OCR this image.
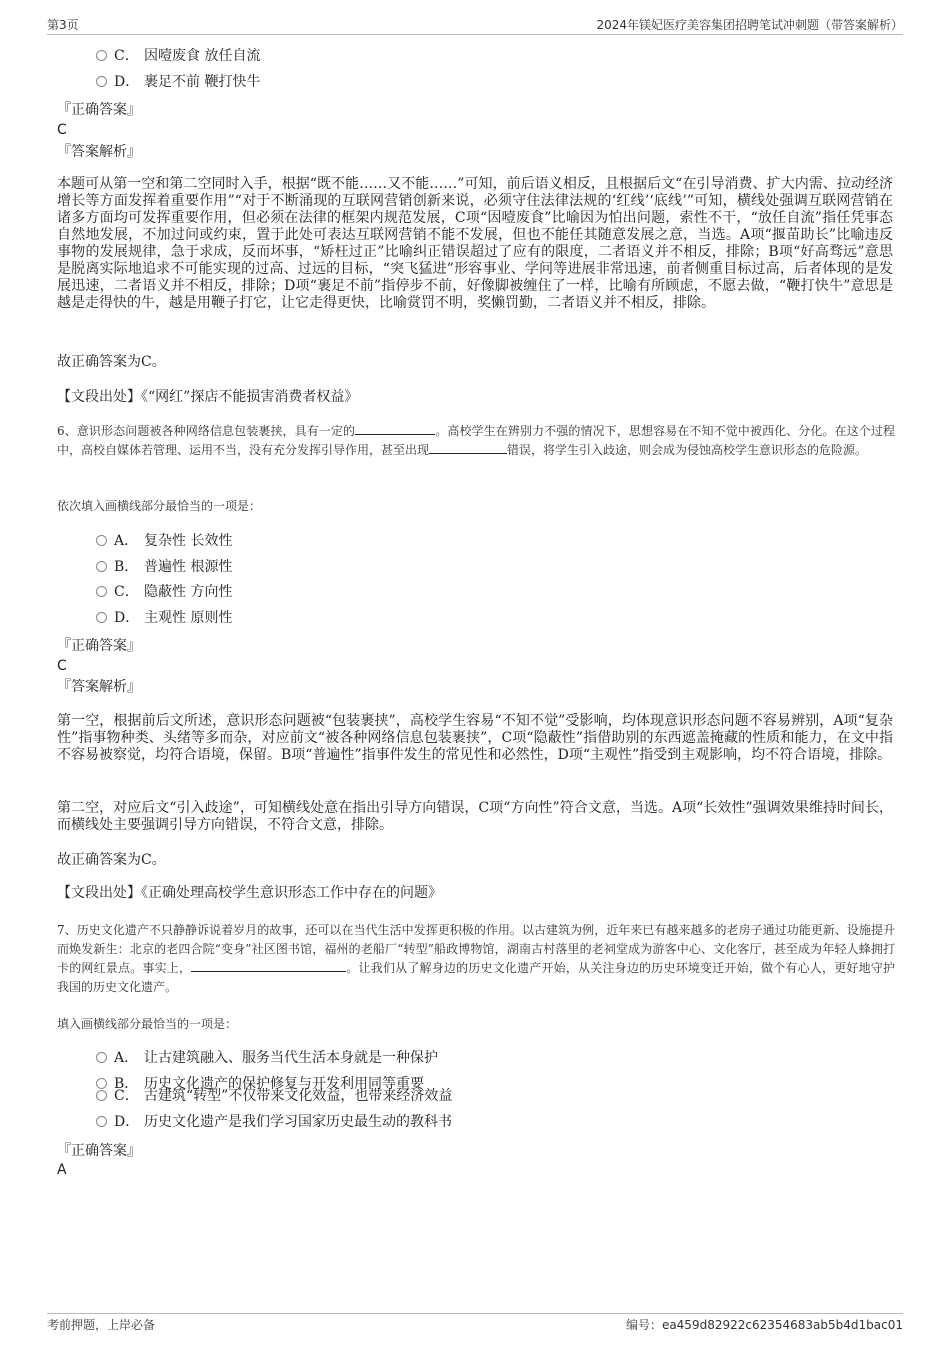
第3页	2024年镁妃医疗美容集团招聘笔试冲刺题（带答案解析）
C． 因噎废食 放任自流
D． 裹足不前 鞭打快牛
『正确答案』
C
『答案解析』

本题可从第一空和第二空同时入手，根据“既不能……又不能……”可知，前后语义相反，且根据后文“在引导消费、扩大内需、拉动经济增长等方面发挥着重要作用”“对于不断涌现的互联网营销创新来说，必须守住法律法规的‘红线’‘底线’”可知，横线处强调互联网营销在诸多方面均可发挥重要作用，但必须在法律的框架内规范发展，C项“因噎废食”比喻因为怕出问题，索性不干，“放任自流”指任凭事态自然地发展，不加过问或约束，置于此处可表达互联网营销不能不发展，但也不能任其随意发展之意，当选。A项“揠苗助长”比喻违反事物的发展规律，急于求成，反而坏事，“矫枉过正”比喻纠正错误超过了应有的限度，二者语义并不相反，排除；B项“好高骛远”意思是脱离实际地追求不可能实现的过高、过远的目标，“突飞猛进”形容事业、学问等进展非常迅速，前者侧重目标过高，后者体现的是发展迅速，二者语义并不相反，排除；D项“裹足不前”指停步不前，好像脚被缠住了一样，比喻有所顾虑，不愿去做，“鞭打快牛”意思是越是走得快的牛，越是用鞭子打它，让它走得更快，比喻赏罚不明，奖懒罚勤，二者语义并不相反，排除。

故正确答案为C。
【文段出处】《“网红”探店不能损害消费者权益》

6、意识形态问题被各种网络信息包装裹挟，具有一定的	。高校学生在辨别力不强的情况下，思想容易在不知不觉中被西化、分化。在这个过程中，高校自媒体若管理、运用不当，没有充分发挥引导作用，甚至出现	错误，将学生引入歧途，则会成为侵蚀高校学生意识形态的危险源。

依次填入画横线部分最恰当的一项是：
A． 复杂性 长效性
B． 普遍性 根源性
C． 隐蔽性 方向性
D． 主观性 原则性
『正确答案』
C
『答案解析』

第一空，根据前后文所述，意识形态问题被“包装裹挟”，高校学生容易“不知不觉”受影响，均体现意识形态问题不容易辨别，A项“复杂性”指事物种类、头绪等多而杂，对应前文“被各种网络信息包装裹挟”，C项“隐蔽性”指借助别的东西遮盖掩藏的性质和能力，在文中指不容易被察觉，均符合语境，保留。B项“普遍性”指事件发生的常见性和必然性，D项“主观性”指受到主观影响，均不符合语境，排除。

第二空，对应后文“引入歧途”，可知横线处意在指出引导方向错误，C项“方向性”符合文意，当选。A项“长效性”强调效果维持时间长，而横线处主要强调引导方向错误，不符合文意，排除。

故正确答案为C。
【文段出处】《正确处理高校学生意识形态工作中存在的问题》

7、历史文化遗产不只静静诉说着岁月的故事，还可以在当代生活中发挥更积极的作用。以古建筑为例，近年来已有越来越多的老房子通过功能更新、设施提升而焕发新生：北京的老四合院“变身”社区图书馆，福州的老船厂“转型”船政博物馆，湖南古村落里的老祠堂成为游客中心、文化客厅，甚至成为年轻人蜂拥打卡的网红景点。事实上，	。让我们从了解身边的历史文化遗产开始，从关注身边的历史环境变迁开始，做个有心人，更好地守护我国的历史文化遗产。

填入画横线部分最恰当的一项是：
A． 让古建筑融入、服务当代生活本身就是一种保护
B． 历史文化遗产的保护修复与开发利用同等重要
C． 古建筑“转型”不仅带来文化效益，也带来经济效益
D． 历史文化遗产是我们学习国家历史最生动的教科书
『正确答案』
A
考前押题，上岸必备	编号：ea459d82922c62354683ab5b4d1bac01
